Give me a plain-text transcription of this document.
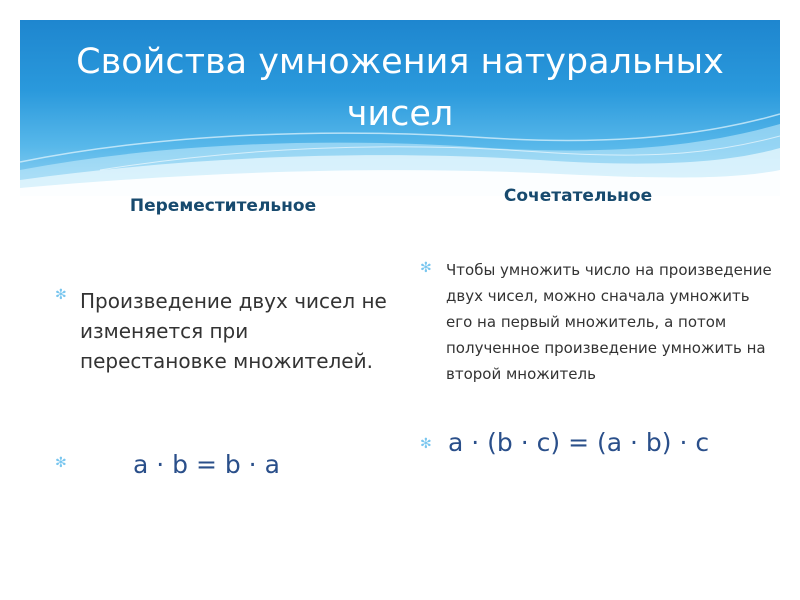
Свойства умножения натуральных чисел
Переместительное	Сочетательное
✻ Произведение двух чисел не изменяется при перестановке множителей.

✻	a · b = b · a

✻ Чтобы умножить число на произведение двух чисел, можно сначала умножить его на первый множитель, а потом полученное произведение умножить на второй множитель

✻ a · (b · c) = (a · b) · c
